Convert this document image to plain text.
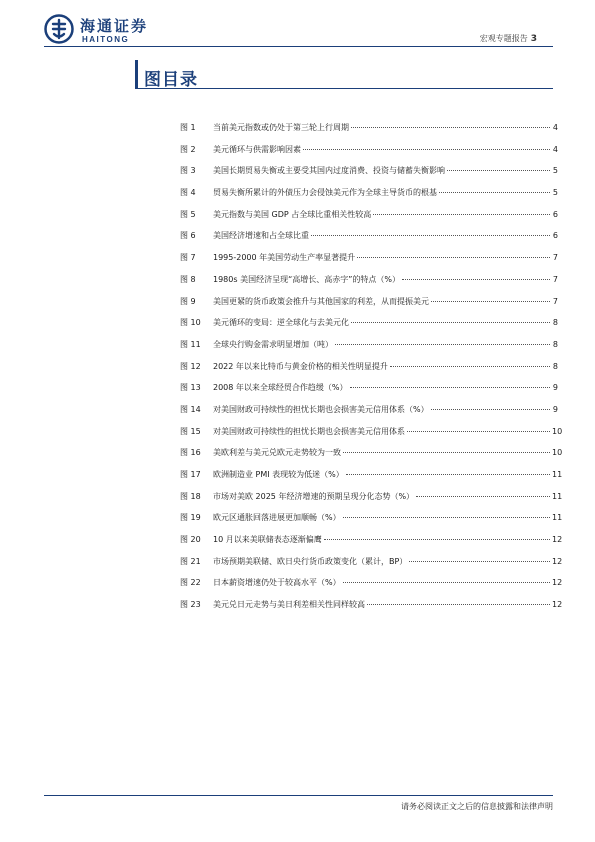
海通证券
HAITONG	宏观专题报告 3
图目录
图 1	当前美元指数或仍处于第三轮上行周期	4
图 2	美元循环与供需影响因素	4
图 3	美国长期贸易失衡或主要受其国内过度消费、投资与储蓄失衡影响	5
图 4	贸易失衡所累计的外债压力会侵蚀美元作为全球主导货币的根基	5
图 5	美元指数与美国 GDP 占全球比重相关性较高	6
图 6	美国经济增速和占全球比重	6
图 7	1995-2000 年美国劳动生产率显著提升	7
图 8	1980s 美国经济呈现“高增长、高赤字”的特点（%）	7
图 9	美国更紧的货币政策会推升与其他国家的利差，从而提振美元	7
图 10	美元循环的变局：逆全球化与去美元化	8
图 11	全球央行购金需求明显增加（吨）	8
图 12	2022 年以来比特币与黄金价格的相关性明显提升	8
图 13	2008 年以来全球经贸合作趋缓（%）	9
图 14	对美国财政可持续性的担忧长期也会损害美元信用体系（%）	9
图 15	对美国财政可持续性的担忧长期也会损害美元信用体系	10
图 16	美欧利差与美元兑欧元走势较为一致	10
图 17	欧洲制造业 PMI 表现较为低迷（%）	11
图 18	市场对美欧 2025 年经济增速的预期呈现分化态势（%）	11
图 19	欧元区通胀回落进展更加顺畅（%）	11
图 20	10 月以来美联储表态逐渐偏鹰	12
图 21	市场预期美联储、欧日央行货币政策变化（累计，BP）	12
图 22	日本薪资增速仍处于较高水平（%）	12
图 23	美元兑日元走势与美日利差相关性同样较高	12
请务必阅读正文之后的信息披露和法律声明
